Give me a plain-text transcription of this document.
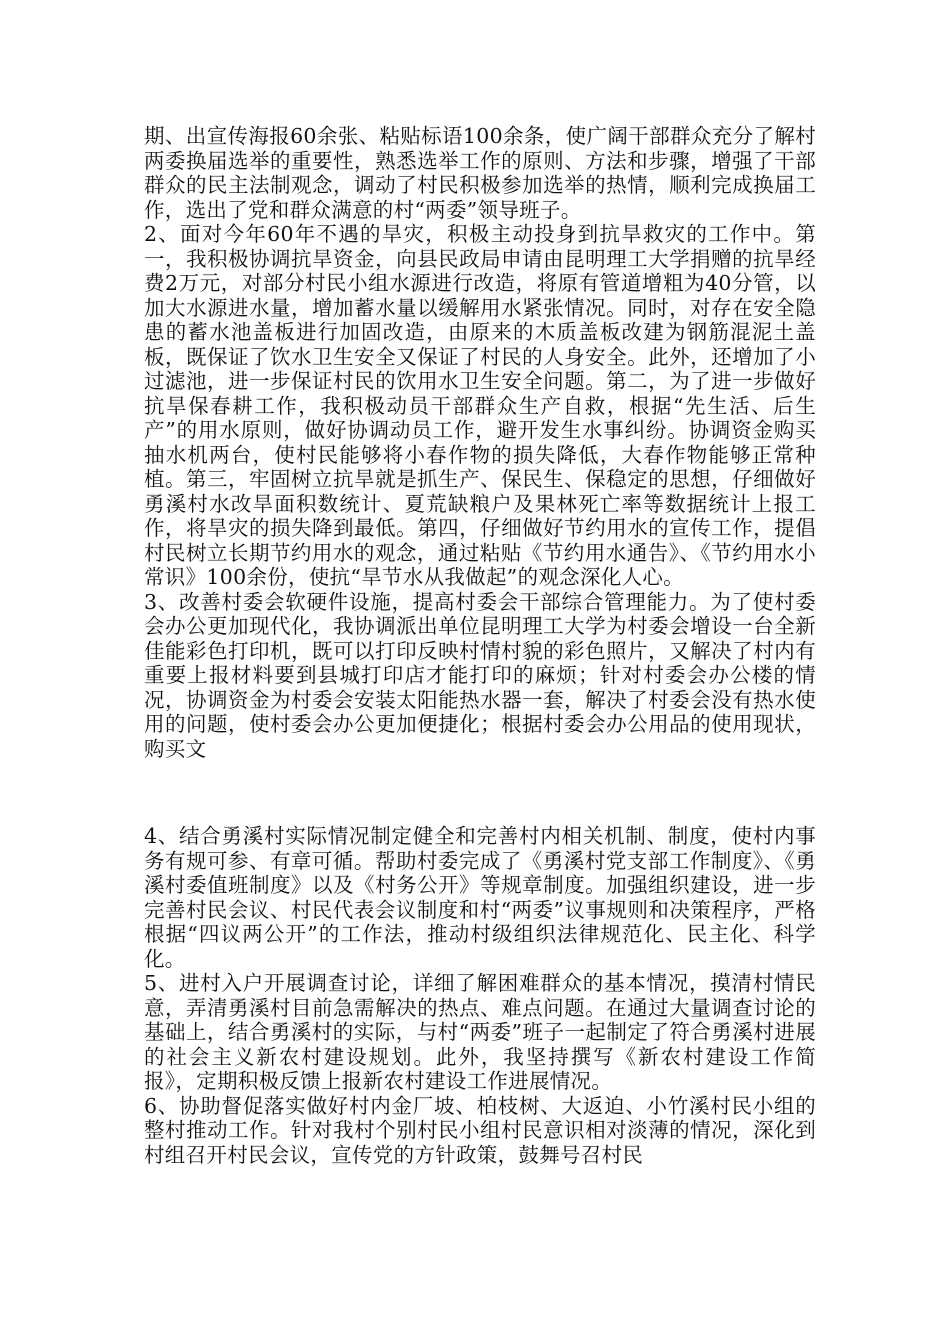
期、出宣传海报60余张、粘贴标语100余条，使广阔干部群众充分了解村两委换届选举的重要性，熟悉选举工作的原则、方法和步骤，增强了干部群众的民主法制观念，调动了村民积极参加选举的热情，顺利完成换届工作，选出了党和群众满意的村“两委”领导班子。

2、面对今年60年不遇的旱灾，积极主动投身到抗旱救灾的工作中。第一，我积极协调抗旱资金，向县民政局申请由昆明理工大学捐赠的抗旱经费2万元，对部分村民小组水源进行改造，将原有管道增粗为40分管，以加大水源进水量，增加蓄水量以缓解用水紧张情况。同时，对存在安全隐患的蓄水池盖板进行加固改造，由原来的木质盖板改建为钢筋混泥土盖板，既保证了饮水卫生安全又保证了村民的人身安全。此外，还增加了小过滤池，进一步保证村民的饮用水卫生安全问题。第二，为了进一步做好抗旱保春耕工作，我积极动员干部群众生产自救，根据“先生活、后生产”的用水原则，做好协调动员工作，避开发生水事纠纷。协调资金购买抽水机两台，使村民能够将小春作物的损失降低，大春作物能够正常种植。第三，牢固树立抗旱就是抓生产、保民生、保稳定的思想，仔细做好勇溪村水改旱面积数统计、夏荒缺粮户及果林死亡率等数据统计上报工作，将旱灾的损失降到最低。第四，仔细做好节约用水的宣传工作，提倡村民树立长期节约用水的观念，通过粘贴《节约用水通告》、《节约用水小常识》100余份，使抗“旱节水从我做起”的观念深化人心。

3、改善村委会软硬件设施，提高村委会干部综合管理能力。为了使村委会办公更加现代化，我协调派出单位昆明理工大学为村委会增设一台全新佳能彩色打印机，既可以打印反映村情村貌的彩色照片，又解决了村内有重要上报材料要到县城打印店才能打印的麻烦；针对村委会办公楼的情况，协调资金为村委会安装太阳能热水器一套，解决了村委会没有热水使用的问题，使村委会办公更加便捷化；根据村委会办公用品的使用现状，购买文

4、结合勇溪村实际情况制定健全和完善村内相关机制、制度，使村内事务有规可参、有章可循。帮助村委完成了《勇溪村党支部工作制度》、《勇溪村委值班制度》以及《村务公开》等规章制度。加强组织建设，进一步完善村民会议、村民代表会议制度和村“两委”议事规则和决策程序，严格根据“四议两公开”的工作法，推动村级组织法律规范化、民主化、科学化。

5、进村入户开展调查讨论，详细了解困难群众的基本情况，摸清村情民意，弄清勇溪村目前急需解决的热点、难点问题。在通过大量调查讨论的基础上，结合勇溪村的实际，与村“两委”班子一起制定了符合勇溪村进展的社会主义新农村建设规划。此外，我坚持撰写《新农村建设工作简报》，定期积极反馈上报新农村建设工作进展情况。

6、协助督促落实做好村内金厂坡、柏枝树、大返迫、小竹溪村民小组的整村推动工作。针对我村个别村民小组村民意识相对淡薄的情况，深化到村组召开村民会议，宣传党的方针政策，鼓舞号召村民
